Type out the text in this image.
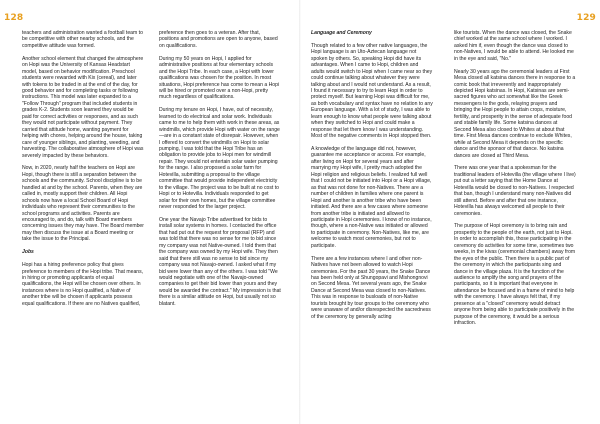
128	129

teachers and administration wanted a football team to be competitive with other nearby schools, and the competitive attitude was formed.

Another school element that changed the atmosphere on Hopi was the University of Kansas Headstart model, based on behavior modification. Preschool students were rewarded with Kix (cereal), and later with tokens to be traded in at the end of the day, for good behavior and for completing tasks or following instructions. This model was later expanded to a "Follow Through" program that included students in grades K-2. Students soon learned they would be paid for correct activities or responses, and as such they would not participate without payment. They carried that attitude home, wanting payment for helping with chores, helping around the house, taking care of younger siblings, and planting, weeding, and harvesting. The collaborative atmosphere of Hopi was severely impacted by these behaviors.

Now, in 2020, nearly half the teachers on Hopi are Hopi, though there is still a separation between the schools and the community. School discipline is to be handled at and by the school. Parents, when they are called in, mostly support their children. All Hopi schools now have a local School Board of Hopi individuals who represent their communities to the school programs and activities. Parents are encouraged to, and do, talk with Board members concerning issues they may have. The Board member may then discuss the issue at a Board meeting or take the issue to the Principal.

Jobs

Hopi has a hiring preference policy that gives preference to members of the Hopi tribe. That means, in hiring or promoting applicants of equal qualifications, the Hopi will be chosen over others. In instances where is no Hopi qualified, a Native of another tribe will be chosen if applicants possess equal qualifications. If there are no Natives qualified,

preference then goes to a veteran. After that, positions and promotions are open to anyone, based on qualifications.

During my 50 years on Hopi, I applied for administrative positions at four elementary schools and the Hopi Tribe. In each case, a Hopi with lower qualifications was chosen for the position. In most situations, Hopi preference has come to mean a Hopi will be hired or promoted over a non-Hopi, pretty much regardless of qualifications.

During my tenure on Hopi, I have, out of necessity, learned to do electrical and solar work. Individuals came to me to help them with work in these areas, as windmills, which provide Hopi with water on the range—are in a constant state of disrepair. However, when I offered to convert the windmills on Hopi to solar pumping, I was told that the Hopi Tribe has an obligation to provide jobs to Hopi men for windmill repair. They would not entertain solar water pumping for the range. I also proposed a solar farm for Hotevilla, submitting a proposal to the village committee that would provide independent electricity to the village. The project was to be built at no cost to Hopi or to Hotevilla. Individuals responded to get solar for their own homes, but the village committee never responded for the larger project.

One year the Navajo Tribe advertised for bids to install solar systems in homes. I contacted the office that had put out the request for proposal (RFP) and was told that there was no sense for me to bid since my company was not Native-owned. I told them that the company was owned by my Hopi wife. They then said that there still was no sense to bid since my company was not Navajo-owned. I asked what if my bid were lower than any of the others. I was told "We would negotiate with one of the Navajo-owned companies to get their bid lower than yours and they would be awarded the contract." My impression is that there is a similar attitude on Hopi, but usually not so blatant.

Language and Ceremony

Though related to a few other native languages, the Hopi language is an Uto-Aztecan language not spoken by others. So, speaking Hopi did have its advantages. When I came to Hopi, children and adults would switch to Hopi when I came near so they could continue talking about whatever they were talking about and I would not understand. As a result, I found it necessary to try to learn Hopi in order to protect myself. But learning Hopi was difficult for me, as both vocabulary and syntax have no relation to any European language. With a lot of study, I was able to learn enough to know what people were talking about when they switched to Hopi and could make a response that let them know I was understanding. Most of the negative comments in Hopi stopped then.

A knowledge of the language did not, however, guarantee me acceptance or access. For example, after living on Hopi for several years and after marrying my Hopi wife, I pretty much adopted the Hopi religion and religious beliefs. I realized full well that I could not be initiated into Hopi or a Hopi village, as that was not done for non-Natives. There are a number of children in families where one parent is Hopi and another is another tribe who have been initiated. And there are a few cases where someone from another tribe is initiated and allowed to participate in Hopi ceremonies. I know of no instance, though, where a non-Native was initiated or allowed to participate in ceremony. Non-Natives, like me, are welcome to watch most ceremonies, but not to participate.

There are a few instances where I and other non-Natives have not been allowed to watch Hopi ceremonies. For the past 30 years, the Snake Dance has been held only at Shungopavi and Mishongnovi on Second Mesa. Yet several years ago, the Snake Dance at Second Mesa was closed to non-Natives. This was in response to busloads of non-Native tourists brought by tour groups to the ceremony who were unaware of and/or disrespected the sacredness of the ceremony by generally acting

like tourists. When the dance was closed, the Snake chief worked at the same school where I worked. I asked him if, even though the dance was closed to non-Natives, I would be able to attend. He looked me in the eye and said, "No."

Nearly 30 years ago the ceremonial leaders at First Mesa closed all katsina dances there in response to a comic book that irreverently and inappropriately depicted Hopi katsinas. In Hopi, Katsinas are semi-sacred figures who act somewhat like the Greek messengers to the gods, relaying prayers and bringing the Hopi people to attain crops, moisture, fertility, and prosperity in the sense of adequate food and stable family life. Some katsina dances at Second Mesa also closed to Whites at about that time. First Mesa dances continue to exclude Whites, while at Second Mesa it depends on the specific dance and the sponsor of that dance. No katsina dances are closed at Third Mesa.

There was one year that a spokesman for the traditional leaders of Hotevilla (the village where I live) put out a letter saying that the Home Dance at Hotevilla would be closed to non-Natives. I respected that ban, though I understand many non-Natives did still attend. Before and after that one instance, Hotevilla has always welcomed all people to their ceremonies.

The purpose of Hopi ceremony is to bring rain and prosperity to the people of the earth, not just to Hopi. In order to accomplish this, those participating in the ceremony do activities for some time, sometimes two weeks, in the kivas (ceremonial chambers) away from the eyes of the public. Then there is a public part of the ceremony in which the participants sing and dance in the village plaza. It is the function of the audience to amplify the song and prayers of the participants, so it is important that everyone in attendance be focused and in a frame of mind to help with the ceremony. I have always felt that, if my presence at a "closed" ceremony would detract anyone from being able to participate positively in the purpose of the ceremony, it would be a serious infraction.
